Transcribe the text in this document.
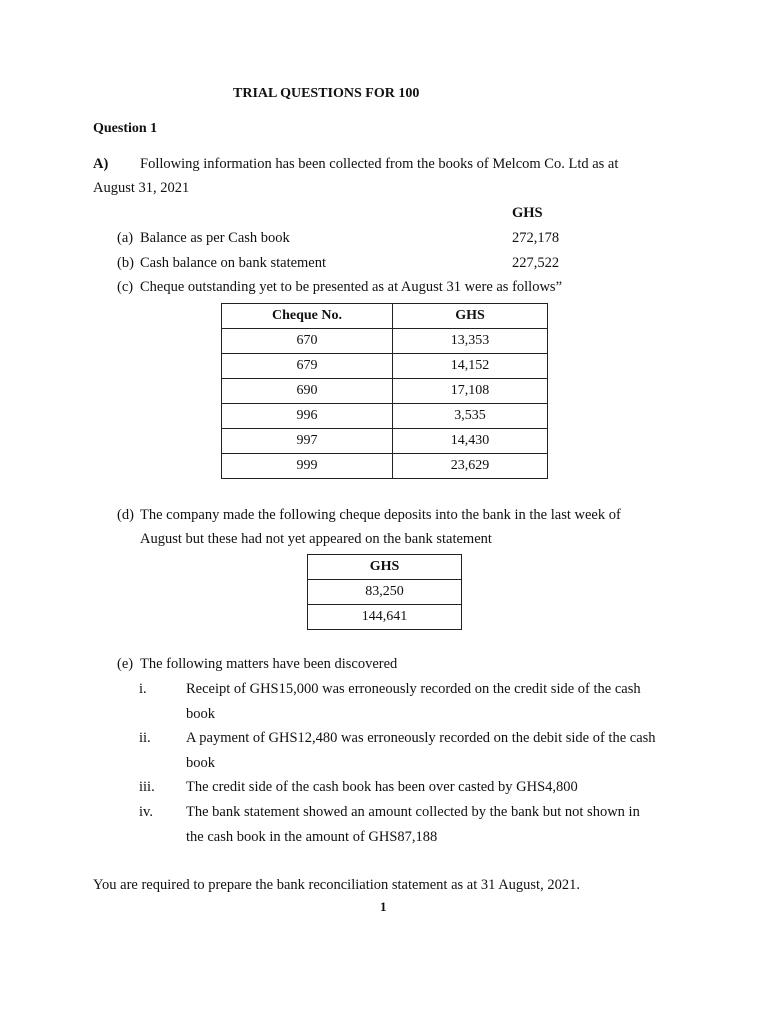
TRIAL QUESTIONS FOR 100
Question 1
A) Following information has been collected from the books of Melcom Co. Ltd as at
August 31, 2021
GHS
(a) Balance as per Cash book	272,178
(b) Cash balance on bank statement	227,522
(c) Cheque outstanding yet to be presented as at August 31 were as follows”
Cheque No.	GHS
670	13,353
679	14,152
690	17,108
996	3,535
997	14,430
999	23,629
(d) The company made the following cheque deposits into the bank in the last week of
August but these had not yet appeared on the bank statement
GHS
83,250
144,641
(e) The following matters have been discovered
i.	Receipt of GHS15,000 was erroneously recorded on the credit side of the cash
book
ii. A payment of GHS12,480 was erroneously recorded on the debit side of the cash
book
iii. The credit side of the cash book has been over casted by GHS4,800
iv. The bank statement showed an amount collected by the bank but not shown in
the cash book in the amount of GHS87,188
You are required to prepare the bank reconciliation statement as at 31 August, 2021.
1
